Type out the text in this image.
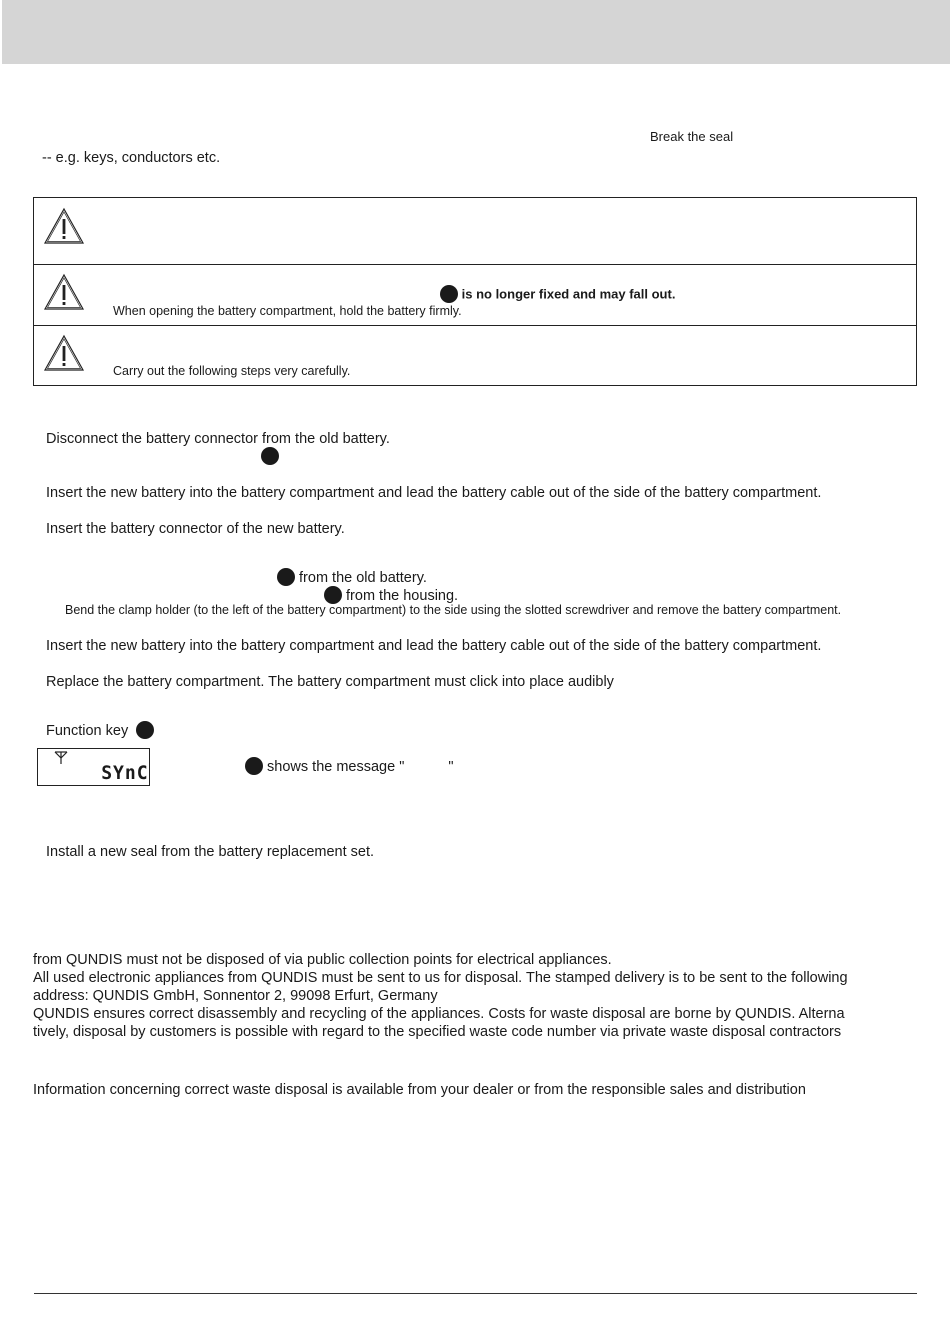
Break the seal
-- e.g. keys, conductors etc.
is no longer fixed and may fall out.
When opening the battery compartment, hold the battery firmly.
Carry out the following steps very carefully.
Disconnect the battery connector from the old battery.
Insert the new battery into the battery compartment and lead the battery cable out of the side of the battery compartment.
Insert the battery connector of the new battery.
from the old battery.
from the housing.
Bend the clamp holder (to the left of the battery compartment) to the side using the slotted screwdriver and remove the battery compartment.
Insert the new battery into the battery compartment and lead the battery cable out of the side of the battery compartment.
Replace the battery compartment. The battery compartment must click into place audibly
Function key
SYnC	shows the message "	"
Install a new seal from the battery replacement set.
from QUNDIS must not be disposed of via public collection points for electrical appliances.
All used electronic appliances from QUNDIS must be sent to us for disposal. The stamped delivery is to be sent to the following
address: QUNDIS GmbH, Sonnentor 2, 99098 Erfurt, Germany
QUNDIS ensures correct disassembly and recycling of the appliances. Costs for waste disposal are borne by QUNDIS. Alterna
tively, disposal by customers is possible with regard to the specified waste code number via private waste disposal contractors
Information concerning correct waste disposal is available from your dealer or from the responsible sales and distribution
